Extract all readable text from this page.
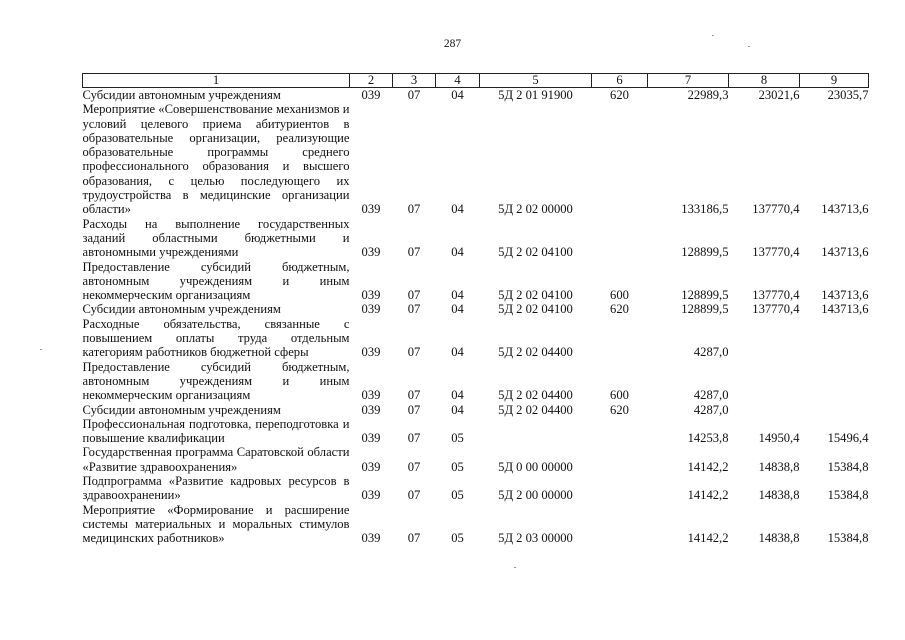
287
1	2	3	4	5	6	7	8	9

Субсидии автономным учреждениям	039	07	04	5Д 2 01 91900	620	22989,3	23021,6	23035,7

Мероприятие «Совершенствование механизмов и условий целевого приема абитуриентов в образовательные организации, реализующие образовательные программы среднего профессионального образования и высшего образования, с целью последующего их трудоустройства в медицинские организации области»	039	07	04	5Д 2 02 00000		133186,5	137770,4	143713,6

Расходы на выполнение государственных заданий областными бюджетными и автономными учреждениями	039	07	04	5Д 2 02 04100		128899,5	137770,4	143713,6

Предоставление субсидий бюджетным, автономным учреждениям и иным некоммерческим организациям	039	07	04	5Д 2 02 04100	600	128899,5	137770,4	143713,6

Субсидии автономным учреждениям	039	07	04	5Д 2 02 04100	620	128899,5	137770,4	143713,6

Расходные обязательства, связанные с повышением оплаты труда отдельным категориям работников бюджетной сферы	039	07	04	5Д 2 02 04400		4287,0		

Предоставление субсидий бюджетным, автономным учреждениям и иным некоммерческим организациям	039	07	04	5Д 2 02 04400	600	4287,0		

Субсидии автономным учреждениям	039	07	04	5Д 2 02 04400	620	4287,0		

Профессиональная подготовка, переподготовка и повышение квалификации	039	07	05			14253,8	14950,4	15496,4

Государственная программа Саратовской области «Развитие здравоохранения»	039	07	05	5Д 0 00 00000		14142,2	14838,8	15384,8

Подпрограмма «Развитие кадровых ресурсов в здравоохранении»	039	07	05	5Д 2 00 00000		14142,2	14838,8	15384,8

Мероприятие «Формирование и расширение системы материальных и моральных стимулов медицинских работников»	039	07	05	5Д 2 03 00000		14142,2	14838,8	15384,8
